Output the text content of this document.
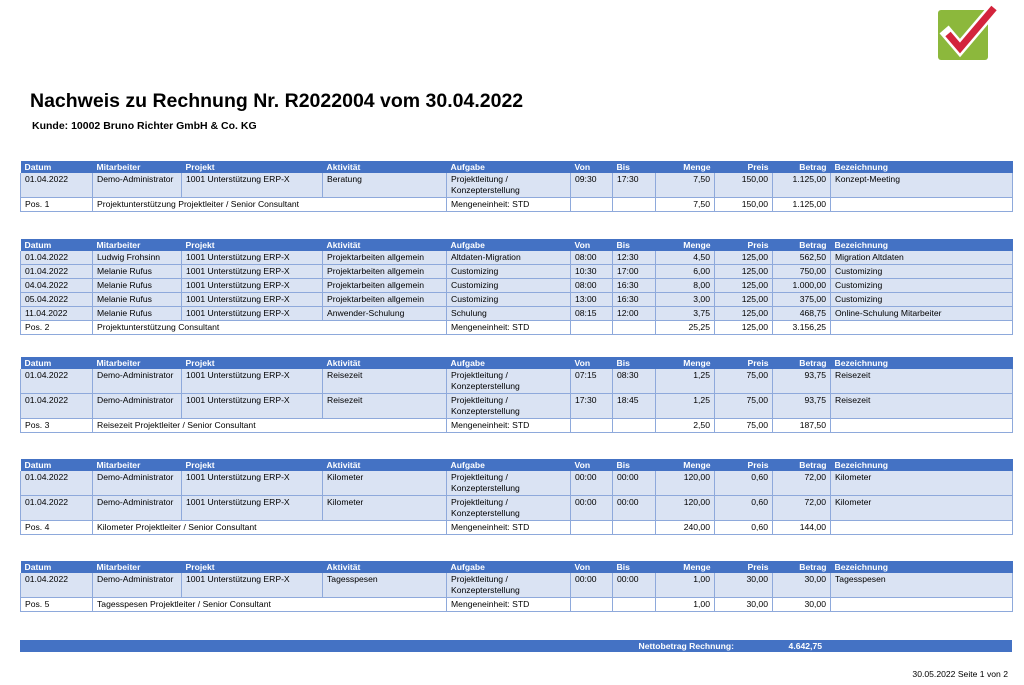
Nachweis zu Rechnung Nr. R2022004 vom 30.04.2022
Kunde: 10002 Bruno Richter GmbH & Co. KG
Datum	Mitarbeiter	Projekt	Aktivität	Aufgabe	Von	Bis	Menge	Preis	Betrag	Bezeichnung
01.04.2022	Demo-Administrator	1001 Unterstützung ERP-X	Beratung	Projektleitung / Konzepterstellung	09:30	17:30	7,50	150,00	1.125,00	Konzept-Meeting
Pos. 1	Projektunterstützung Projektleiter / Senior Consultant			Mengeneinheit: STD			7,50	150,00	1.125,00	
Datum	Mitarbeiter	Projekt	Aktivität	Aufgabe	Von	Bis	Menge	Preis	Betrag	Bezeichnung
01.04.2022	Ludwig Frohsinn	1001 Unterstützung ERP-X	Projektarbeiten allgemein	Altdaten-Migration	08:00	12:30	4,50	125,00	562,50	Migration Altdaten
01.04.2022	Melanie Rufus	1001 Unterstützung ERP-X	Projektarbeiten allgemein	Customizing	10:30	17:00	6,00	125,00	750,00	Customizing
04.04.2022	Melanie Rufus	1001 Unterstützung ERP-X	Projektarbeiten allgemein	Customizing	08:00	16:30	8,00	125,00	1.000,00	Customizing
05.04.2022	Melanie Rufus	1001 Unterstützung ERP-X	Projektarbeiten allgemein	Customizing	13:00	16:30	3,00	125,00	375,00	Customizing
11.04.2022	Melanie Rufus	1001 Unterstützung ERP-X	Anwender-Schulung	Schulung	08:15	12:00	3,75	125,00	468,75	Online-Schulung Mitarbeiter
Pos. 2	Projektunterstützung Consultant			Mengeneinheit: STD			25,25	125,00	3.156,25	
Datum	Mitarbeiter	Projekt	Aktivität	Aufgabe	Von	Bis	Menge	Preis	Betrag	Bezeichnung
01.04.2022	Demo-Administrator	1001 Unterstützung ERP-X	Reisezeit	Projektleitung / Konzepterstellung	07:15	08:30	1,25	75,00	93,75	Reisezeit
01.04.2022	Demo-Administrator	1001 Unterstützung ERP-X	Reisezeit	Projektleitung / Konzepterstellung	17:30	18:45	1,25	75,00	93,75	Reisezeit
Pos. 3	Reisezeit Projektleiter / Senior Consultant			Mengeneinheit: STD			2,50	75,00	187,50	
Datum	Mitarbeiter	Projekt	Aktivität	Aufgabe	Von	Bis	Menge	Preis	Betrag	Bezeichnung
01.04.2022	Demo-Administrator	1001 Unterstützung ERP-X	Kilometer	Projektleitung / Konzepterstellung	00:00	00:00	120,00	0,60	72,00	Kilometer
01.04.2022	Demo-Administrator	1001 Unterstützung ERP-X	Kilometer	Projektleitung / Konzepterstellung	00:00	00:00	120,00	0,60	72,00	Kilometer
Pos. 4	Kilometer Projektleiter / Senior Consultant			Mengeneinheit: STD			240,00	0,60	144,00	
Datum	Mitarbeiter	Projekt	Aktivität	Aufgabe	Von	Bis	Menge	Preis	Betrag	Bezeichnung
01.04.2022	Demo-Administrator	1001 Unterstützung ERP-X	Tagesspesen	Projektleitung / Konzepterstellung	00:00	00:00	1,00	30,00	30,00	Tagesspesen
Pos. 5	Tagesspesen Projektleiter / Senior Consultant			Mengeneinheit: STD			1,00	30,00	30,00	
Nettobetrag Rechnung:	4.642,75
30.05.2022 Seite 1 von 2
